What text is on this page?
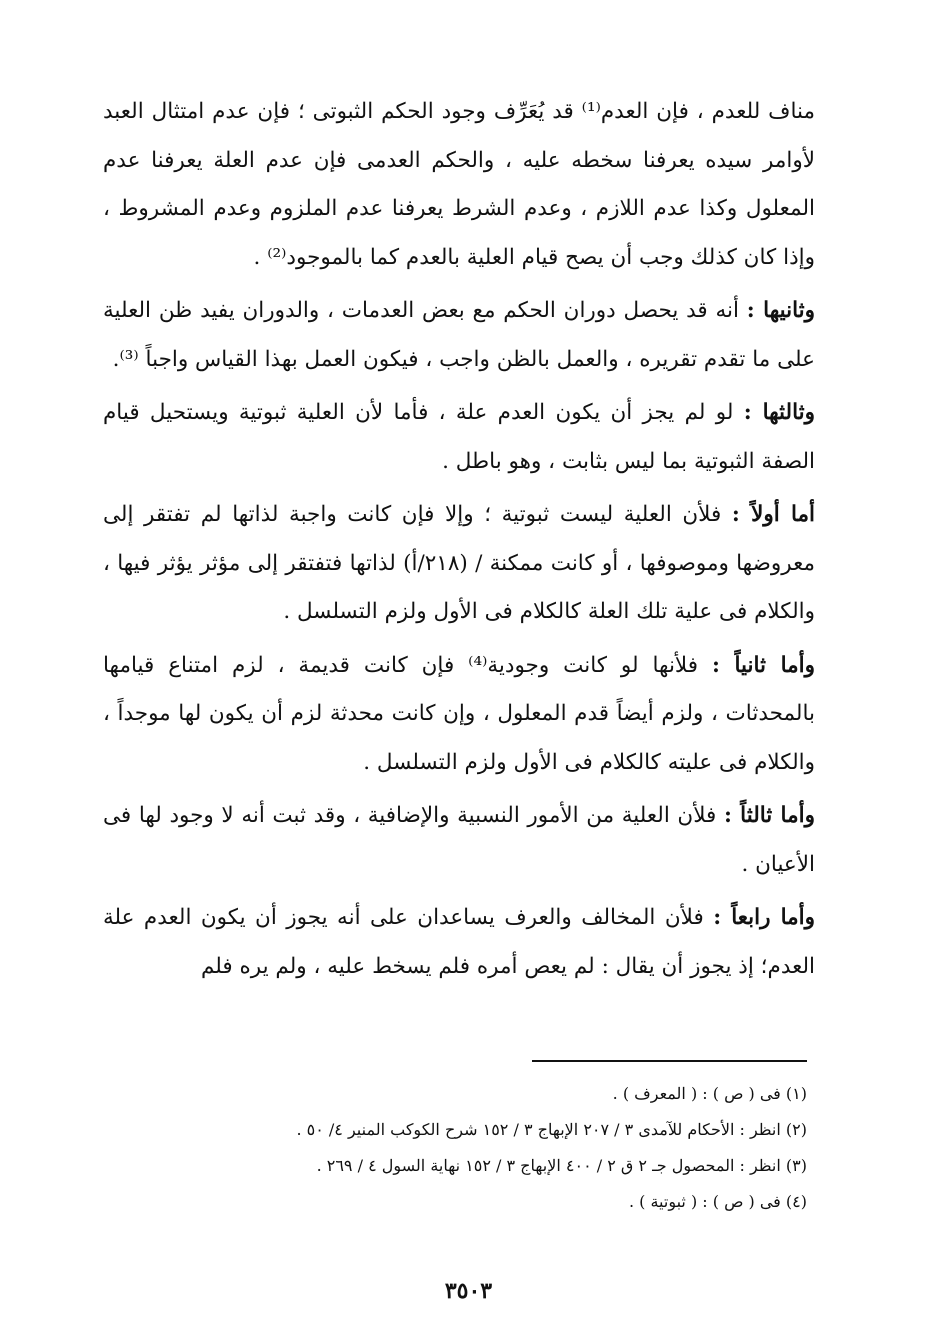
مناف للعدم ، فإن العدم⁽¹⁾ قد يُعَرِّف وجود الحكم الثبوتى ؛ فإن عدم امتثال العبد لأوامر سيده يعرفنا سخطه عليه ، والحكم العدمى فإن عدم العلة يعرفنا عدم المعلول وكذا عدم اللازم ، وعدم الشرط يعرفنا عدم الملزوم وعدم المشروط ، وإذا كان كذلك وجب أن يصح قيام العلية بالعدم كما بالموجود⁽²⁾ .

وثانيها : أنه قد يحصل دوران الحكم مع بعض العدمات ، والدوران يفيد ظن العلية على ما تقدم تقريره ، والعمل بالظن واجب ، فيكون العمل بهذا القياس واجباً ⁽³⁾.

وثالثها : لو لم يجز أن يكون العدم علة ، فأما لأن العلية ثبوتية ويستحيل قيام الصفة الثبوتية بما ليس بثابت ، وهو باطل .

أما أولاً : فلأن العلية ليست ثبوتية ؛ وإلا فإن كانت واجبة لذاتها لم تفتقر إلى معروضها وموصوفها ، أو كانت ممكنة / (٢١٨/أ) لذاتها فتفتقر إلى مؤثر يؤثر فيها ، والكلام فى علية تلك العلة كالكلام فى الأول ولزم التسلسل .

وأما ثانياً : فلأنها لو كانت وجودية⁽⁴⁾ فإن كانت قديمة ، لزم امتناع قيامها بالمحدثات ، ولزم أيضاً قدم المعلول ، وإن كانت محدثة لزم أن يكون لها موجداً ، والكلام فى عليته كالكلام فى الأول ولزم التسلسل .

وأما ثالثاً : فلأن العلية من الأمور النسبية والإضافية ، وقد ثبت أنه لا وجود لها فى الأعيان .

وأما رابعاً : فلأن المخالف والعرف يساعدان على أنه يجوز أن يكون العدم علة العدم؛ إذ يجوز أن يقال : لم يعص أمره فلم يسخط عليه ، ولم يره فلم

(١) فى ( ص ) : ( المعرف ) .

(٢) انظر : الأحكام للآمدى ٣ / ٢٠٧ الإبهاج ٣ / ١٥٢ شرح الكوكب المنير ٤/ ٥٠ .

(٣) انظر : المحصول جـ ٢ ق ٢ / ٤٠٠ الإبهاج ٣ / ١٥٢ نهاية السول ٤ / ٢٦٩ .

(٤) فى ( ص ) : ( ثبوتية ) .

٣٥٠٣
